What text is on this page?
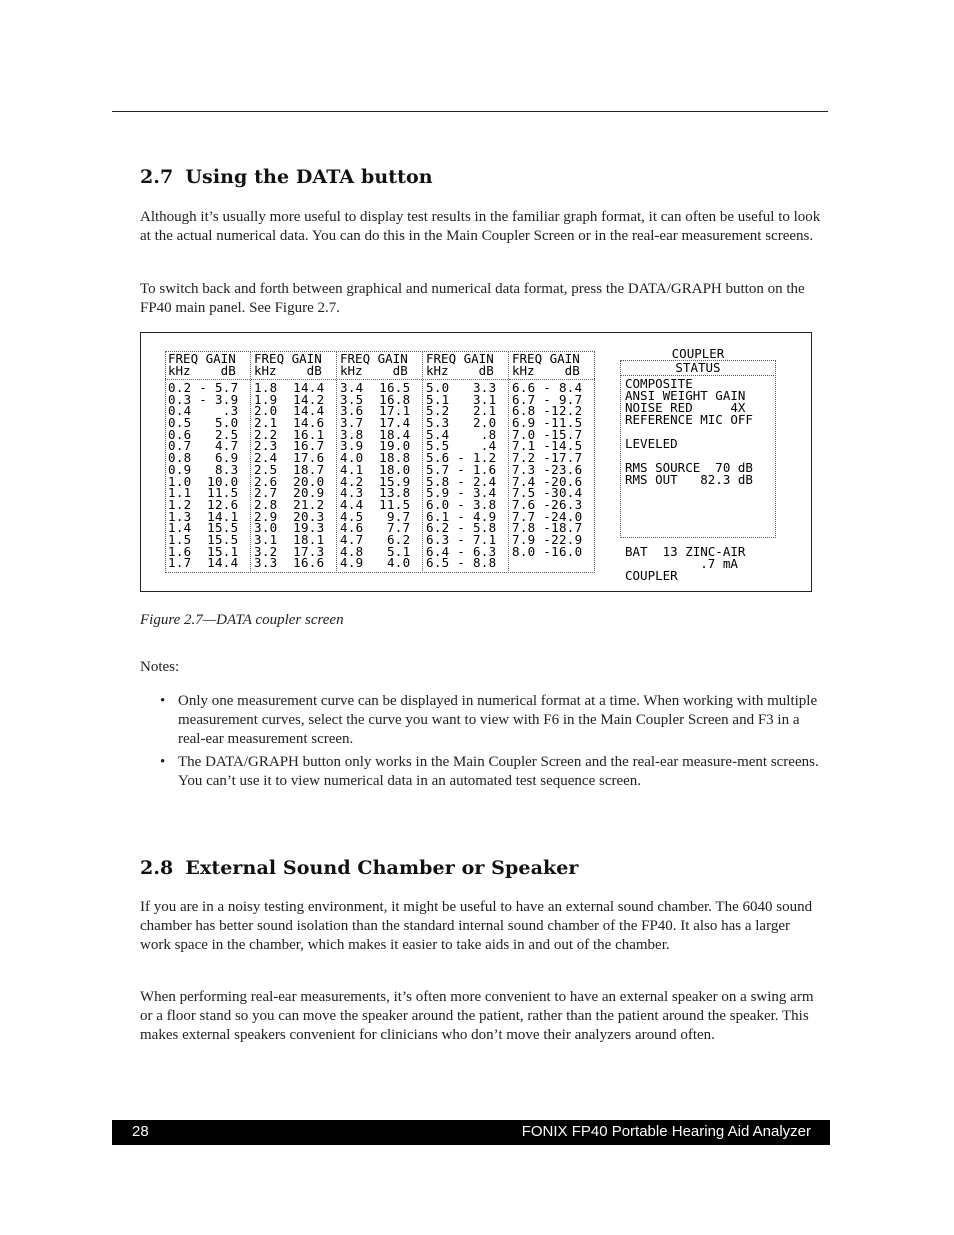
2.7 Using the DATA button

Although it’s usually more useful to display test results in the familiar graph format, it can often be useful to look at the actual numerical data. You can do this in the Main Coupler Screen or in the real-ear measurement screens.

To switch back and forth between graphical and numerical data format, press the DATA/GRAPH button on the FP40 main panel. See Figure 2.7.

FREQ GAIN
kHz    dB
0.2 - 5.7
0.3 - 3.9
0.4    .3
0.5   5.0
0.6   2.5
0.7   4.7
0.8   6.9
0.9   8.3
1.0  10.0
1.1  11.5
1.2  12.6
1.3  14.1
1.4  15.5
1.5  15.5
1.6  15.1
1.7  14.4
FREQ GAIN
kHz    dB
1.8  14.4
1.9  14.2
2.0  14.4
2.1  14.6
2.2  16.1
2.3  16.7
2.4  17.6
2.5  18.7
2.6  20.0
2.7  20.9
2.8  21.2
2.9  20.3
3.0  19.3
3.1  18.1
3.2  17.3
3.3  16.6
FREQ GAIN
kHz    dB
3.4  16.5
3.5  16.8
3.6  17.1
3.7  17.4
3.8  18.4
3.9  19.0
4.0  18.8
4.1  18.0
4.2  15.9
4.3  13.8
4.4  11.5
4.5   9.7
4.6   7.7
4.7   6.2
4.8   5.1
4.9   4.0
FREQ GAIN
kHz    dB
5.0   3.3
5.1   3.1
5.2   2.1
5.3   2.0
5.4    .8
5.5    .4
5.6 - 1.2
5.7 - 1.6
5.8 - 2.4
5.9 - 3.4
6.0 - 3.8
6.1 - 4.9
6.2 - 5.8
6.3 - 7.1
6.4 - 6.3
6.5 - 8.8
FREQ GAIN
kHz    dB
6.6 - 8.4
6.7 - 9.7
6.8 -12.2
6.9 -11.5
7.0 -15.7
7.1 -14.5
7.2 -17.7
7.3 -23.6
7.4 -20.6
7.5 -30.4
7.6 -26.3
7.7 -24.0
7.8 -18.7
7.9 -22.9
8.0 -16.0
COUPLER
STATUS
COMPOSITE
ANSI WEIGHT GAIN
NOISE RED     4X
REFERENCE MIC OFF
LEVELED
RMS SOURCE  70 dB
RMS OUT   82.3 dB
BAT  13 ZINC-AIR
.7 mA
COUPLER
Figure 2.7—DATA coupler screen
Notes:
• Only one measurement curve can be displayed in numerical format at a time. When working with multiple measurement curves, select the curve you want to view with F6 in the Main Coupler Screen and F3 in a real-ear measurement screen.
• The DATA/GRAPH button only works in the Main Coupler Screen and the real-ear measure-ment screens. You can’t use it to view numerical data in an automated test sequence screen.
2.8 External Sound Chamber or Speaker

If you are in a noisy testing environment, it might be useful to have an external sound chamber. The 6040 sound chamber has better sound isolation than the standard internal sound chamber of the FP40. It also has a larger work space in the chamber, which makes it easier to take aids in and out of the chamber.

When performing real-ear measurements, it’s often more convenient to have an external speaker on a swing arm or a floor stand so you can move the speaker around the patient, rather than the patient around the speaker. This makes external speakers convenient for clinicians who don’t move their analyzers around often.

28	FONIX FP40 Portable Hearing Aid Analyzer
